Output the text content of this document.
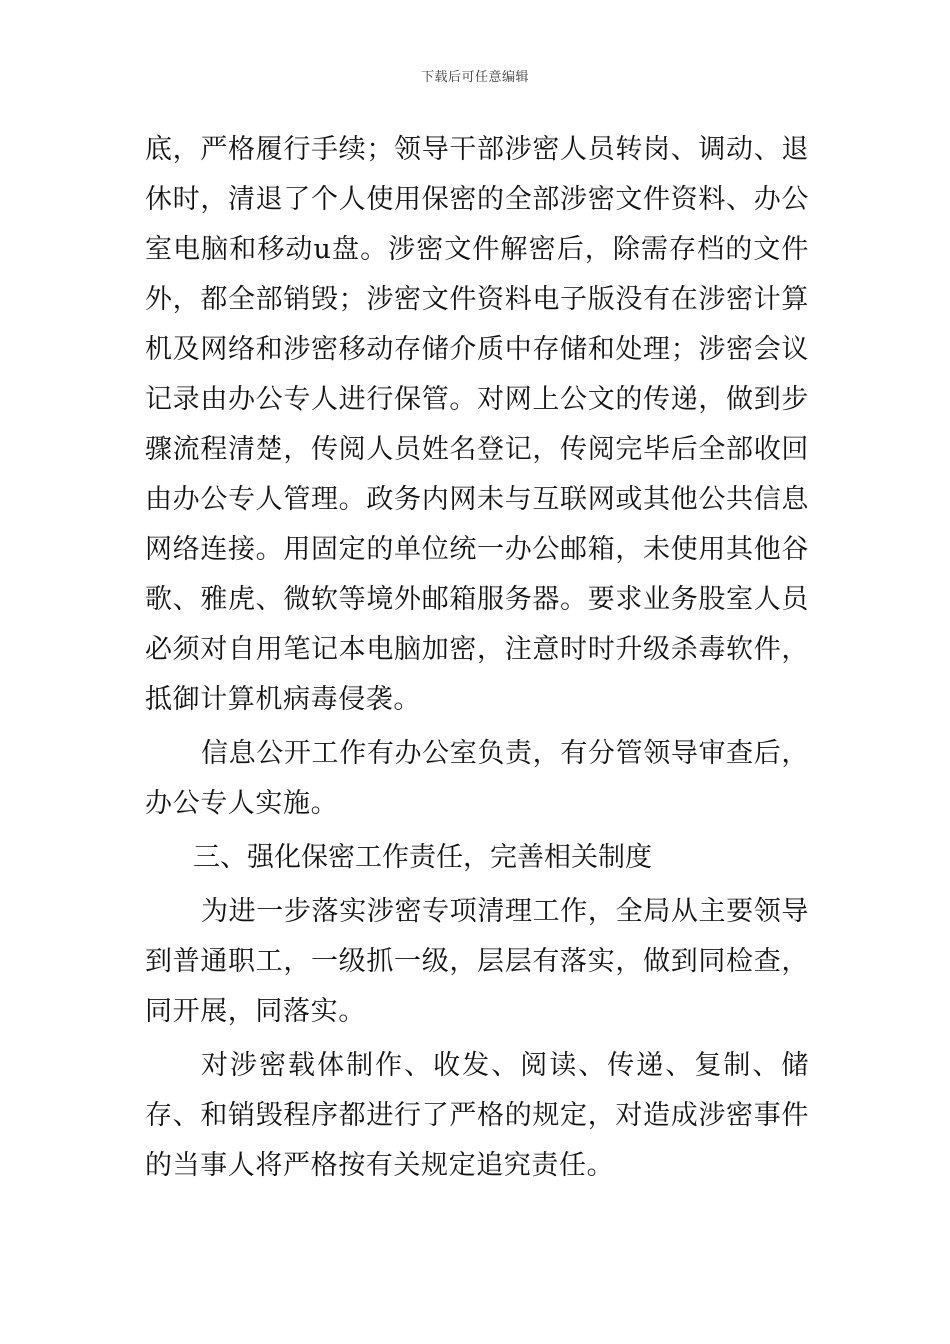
下载后可任意编辑

底，严格履行手续；领导干部涉密人员转岗、调动、退休时，清退了个人使用保密的全部涉密文件资料、办公室电脑和移动u盘。涉密文件解密后，除需存档的文件外，都全部销毁；涉密文件资料电子版没有在涉密计算机及网络和涉密移动存储介质中存储和处理；涉密会议记录由办公专人进行保管。对网上公文的传递，做到步骤流程清楚，传阅人员姓名登记，传阅完毕后全部收回由办公专人管理。政务内网未与互联网或其他公共信息网络连接。用固定的单位统一办公邮箱，未使用其他谷歌、雅虎、微软等境外邮箱服务器。要求业务股室人员必须对自用笔记本电脑加密，注意时时升级杀毒软件，抵御计算机病毒侵袭。

信息公开工作有办公室负责，有分管领导审查后，办公专人实施。

三、强化保密工作责任，完善相关制度

为进一步落实涉密专项清理工作，全局从主要领导到普通职工，一级抓一级，层层有落实，做到同检查，同开展，同落实。

对涉密载体制作、收发、阅读、传递、复制、储存、和销毁程序都进行了严格的规定，对造成涉密事件的当事人将严格按有关规定追究责任。
